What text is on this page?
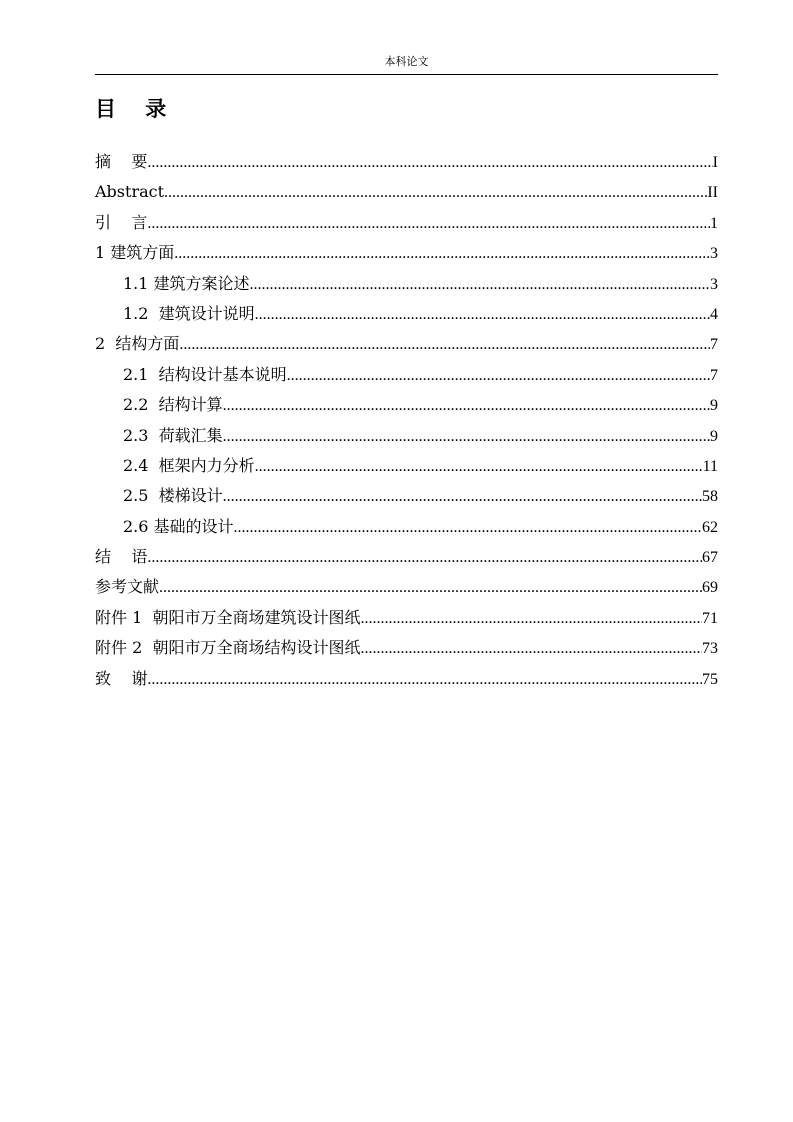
本科论文
目    录
摘    要 .....	I
Abstract .....	II
引    言 .....	1
1 建筑方面 .....	3
1.1 建筑方案论述 .....	3
1.2  建筑设计说明 .....	4
2  结构方面 .....	7
2.1  结构设计基本说明 .....	7
2.2  结构计算 .....	9
2.3  荷载汇集 .....	9
2.4  框架内力分析 .....	11
2.5  楼梯设计 .....	58
2.6 基础的设计 .....	62
结    语 .....	67
参考文献 .....	69
附件 1  朝阳市万全商场建筑设计图纸 .....	71
附件 2  朝阳市万全商场结构设计图纸 .....	73
致    谢 .....	75
